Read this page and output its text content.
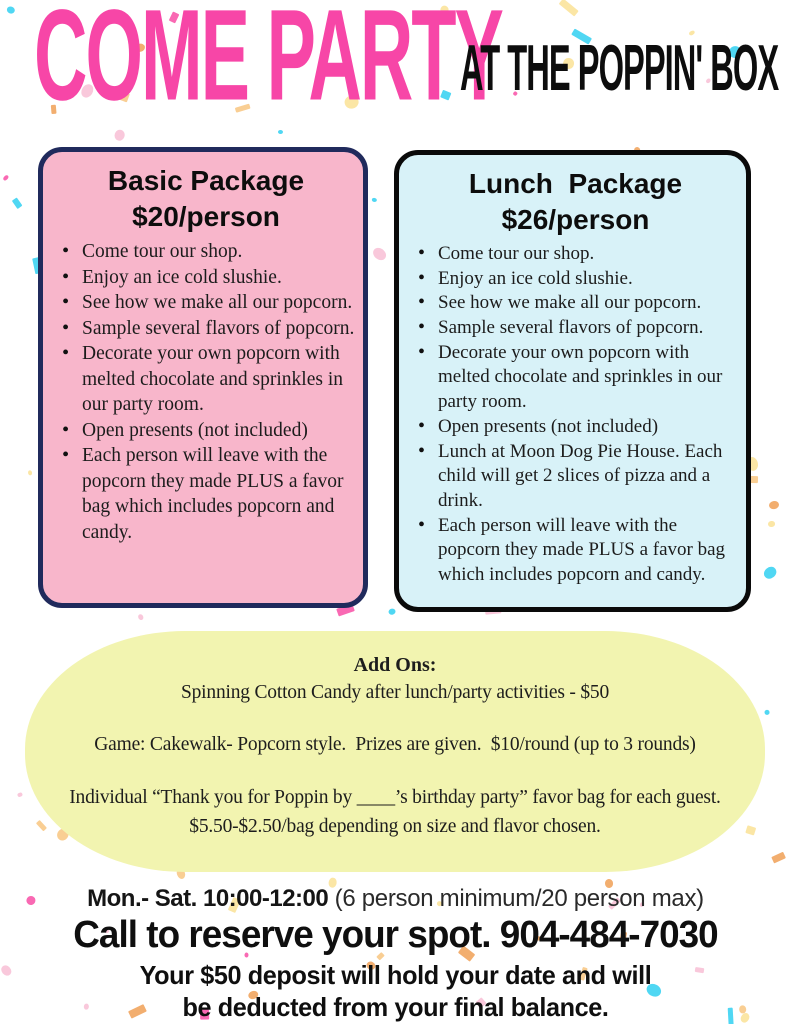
COME PARTY
AT THE POPPIN' BOX
Basic Package
$20/person
• Come tour our shop.
• Enjoy an ice cold slushie.
• See how we make all our popcorn.
• Sample several flavors of popcorn.
• Decorate your own popcorn with melted chocolate and sprinkles in our party room.
• Open presents (not included)
• Each person will leave with the popcorn they made PLUS a favor bag which includes popcorn and candy.
Lunch  Package
$26/person
• Come tour our shop.
• Enjoy an ice cold slushie.
• See how we make all our popcorn.
• Sample several flavors of popcorn.
• Decorate your own popcorn with melted chocolate and sprinkles in our party room.
• Open presents (not included)
• Lunch at Moon Dog Pie House. Each child will get 2 slices of pizza and a drink.
• Each person will leave with the popcorn they made PLUS a favor bag which includes popcorn and candy.
Add Ons:
Spinning Cotton Candy after lunch/party activities - $50
Game: Cakewalk- Popcorn style.  Prizes are given.  $10/round (up to 3 rounds)
Individual “Thank you for Poppin by ____’s birthday party” favor bag for each guest.
$5.50-$2.50/bag depending on size and flavor chosen.
Mon.- Sat. 10:00-12:00 (6 person minimum/20 person max)
Call to reserve your spot. 904-484-7030
Your $50 deposit will hold your date and will
be deducted from your final balance.
